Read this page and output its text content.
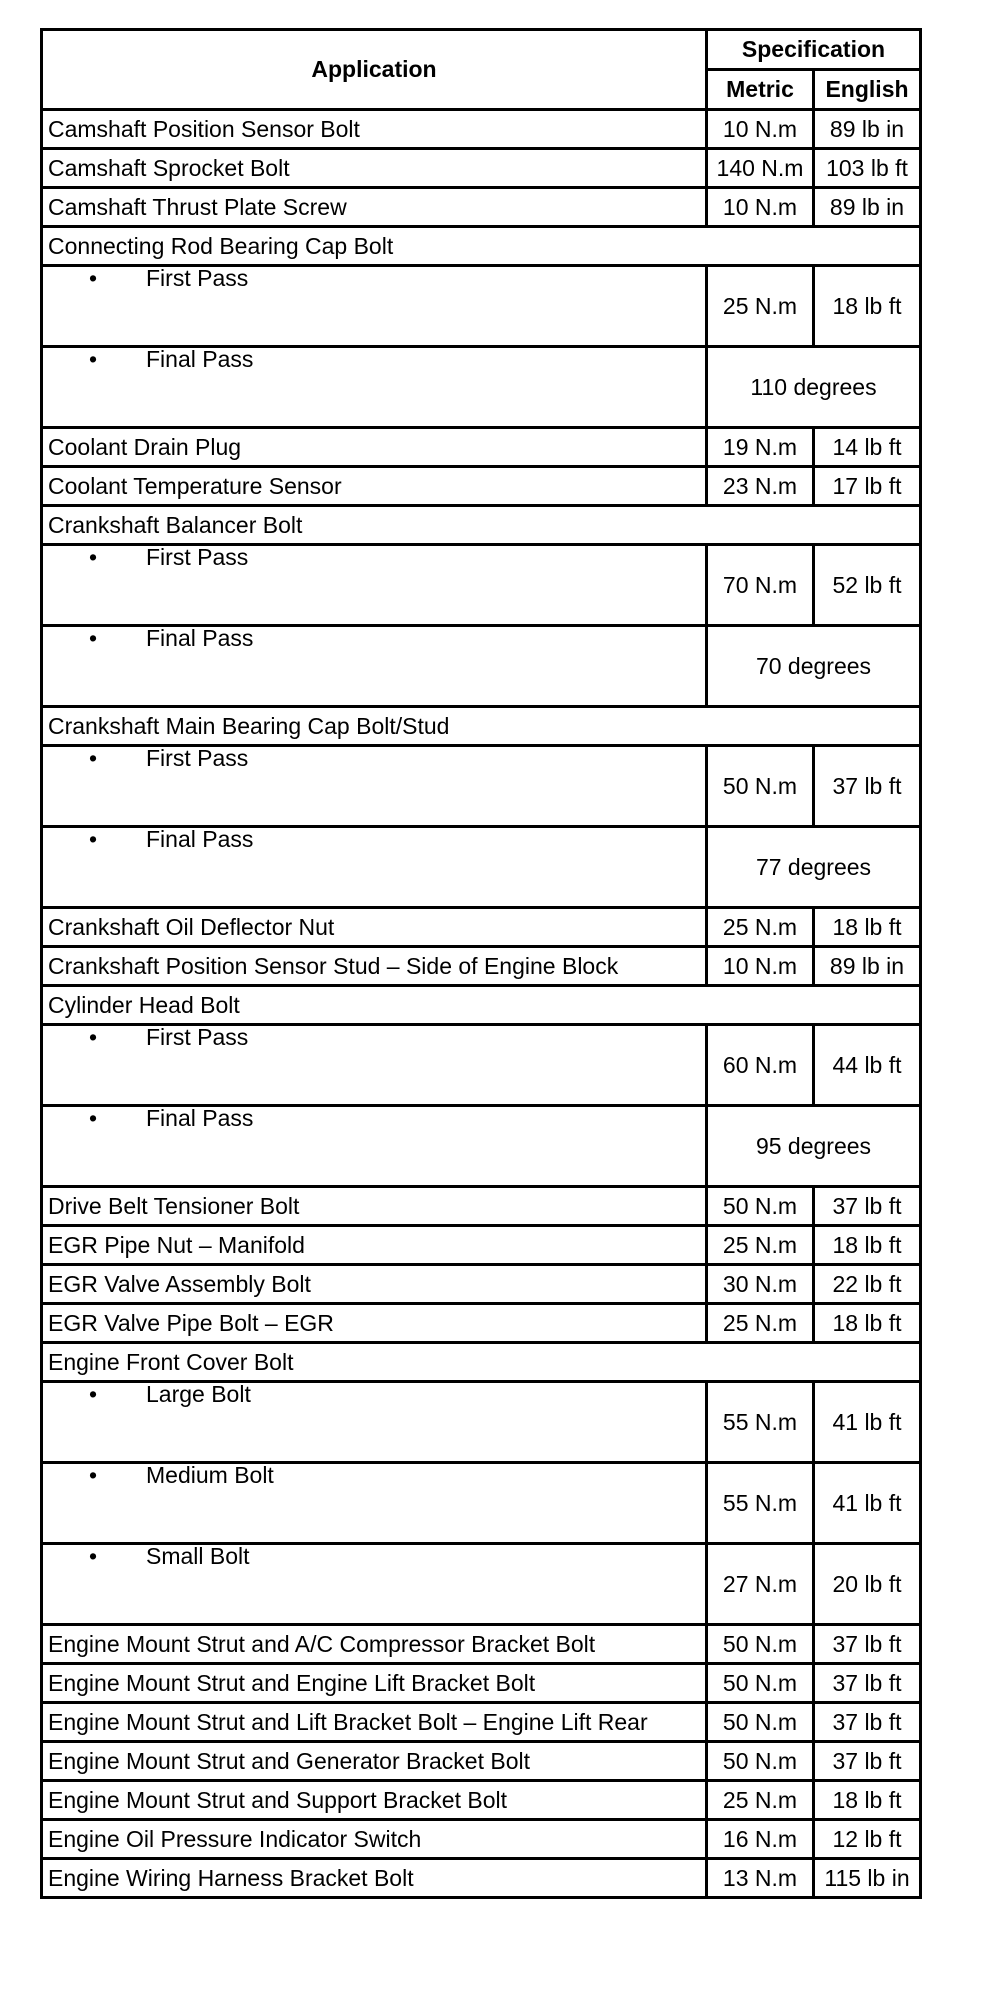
Application	Specification	
	Metric	English
Camshaft Position Sensor Bolt	10 N.m	89 lb in
Camshaft Sprocket Bolt	140 N.m	103 lb ft
Camshaft Thrust Plate Screw	10 N.m	89 lb in
Connecting Rod Bearing Cap Bolt		
• First Pass	25 N.m	18 lb ft
• Final Pass	110 degrees	
Coolant Drain Plug	19 N.m	14 lb ft
Coolant Temperature Sensor	23 N.m	17 lb ft
Crankshaft Balancer Bolt		
• First Pass	70 N.m	52 lb ft
• Final Pass	70 degrees	
Crankshaft Main Bearing Cap Bolt/Stud		
• First Pass	50 N.m	37 lb ft
• Final Pass	77 degrees	
Crankshaft Oil Deflector Nut	25 N.m	18 lb ft
Crankshaft Position Sensor Stud – Side of Engine Block	10 N.m	89 lb in
Cylinder Head Bolt		
• First Pass	60 N.m	44 lb ft
• Final Pass	95 degrees	
Drive Belt Tensioner Bolt	50 N.m	37 lb ft
EGR Pipe Nut – Manifold	25 N.m	18 lb ft
EGR Valve Assembly Bolt	30 N.m	22 lb ft
EGR Valve Pipe Bolt – EGR	25 N.m	18 lb ft
Engine Front Cover Bolt		
• Large Bolt	55 N.m	41 lb ft
• Medium Bolt	55 N.m	41 lb ft
• Small Bolt	27 N.m	20 lb ft
Engine Mount Strut and A/C Compressor Bracket Bolt	50 N.m	37 lb ft
Engine Mount Strut and Engine Lift Bracket Bolt	50 N.m	37 lb ft
Engine Mount Strut and Lift Bracket Bolt – Engine Lift Rear	50 N.m	37 lb ft
Engine Mount Strut and Generator Bracket Bolt	50 N.m	37 lb ft
Engine Mount Strut and Support Bracket Bolt	25 N.m	18 lb ft
Engine Oil Pressure Indicator Switch	16 N.m	12 lb ft
Engine Wiring Harness Bracket Bolt	13 N.m	115 lb in
